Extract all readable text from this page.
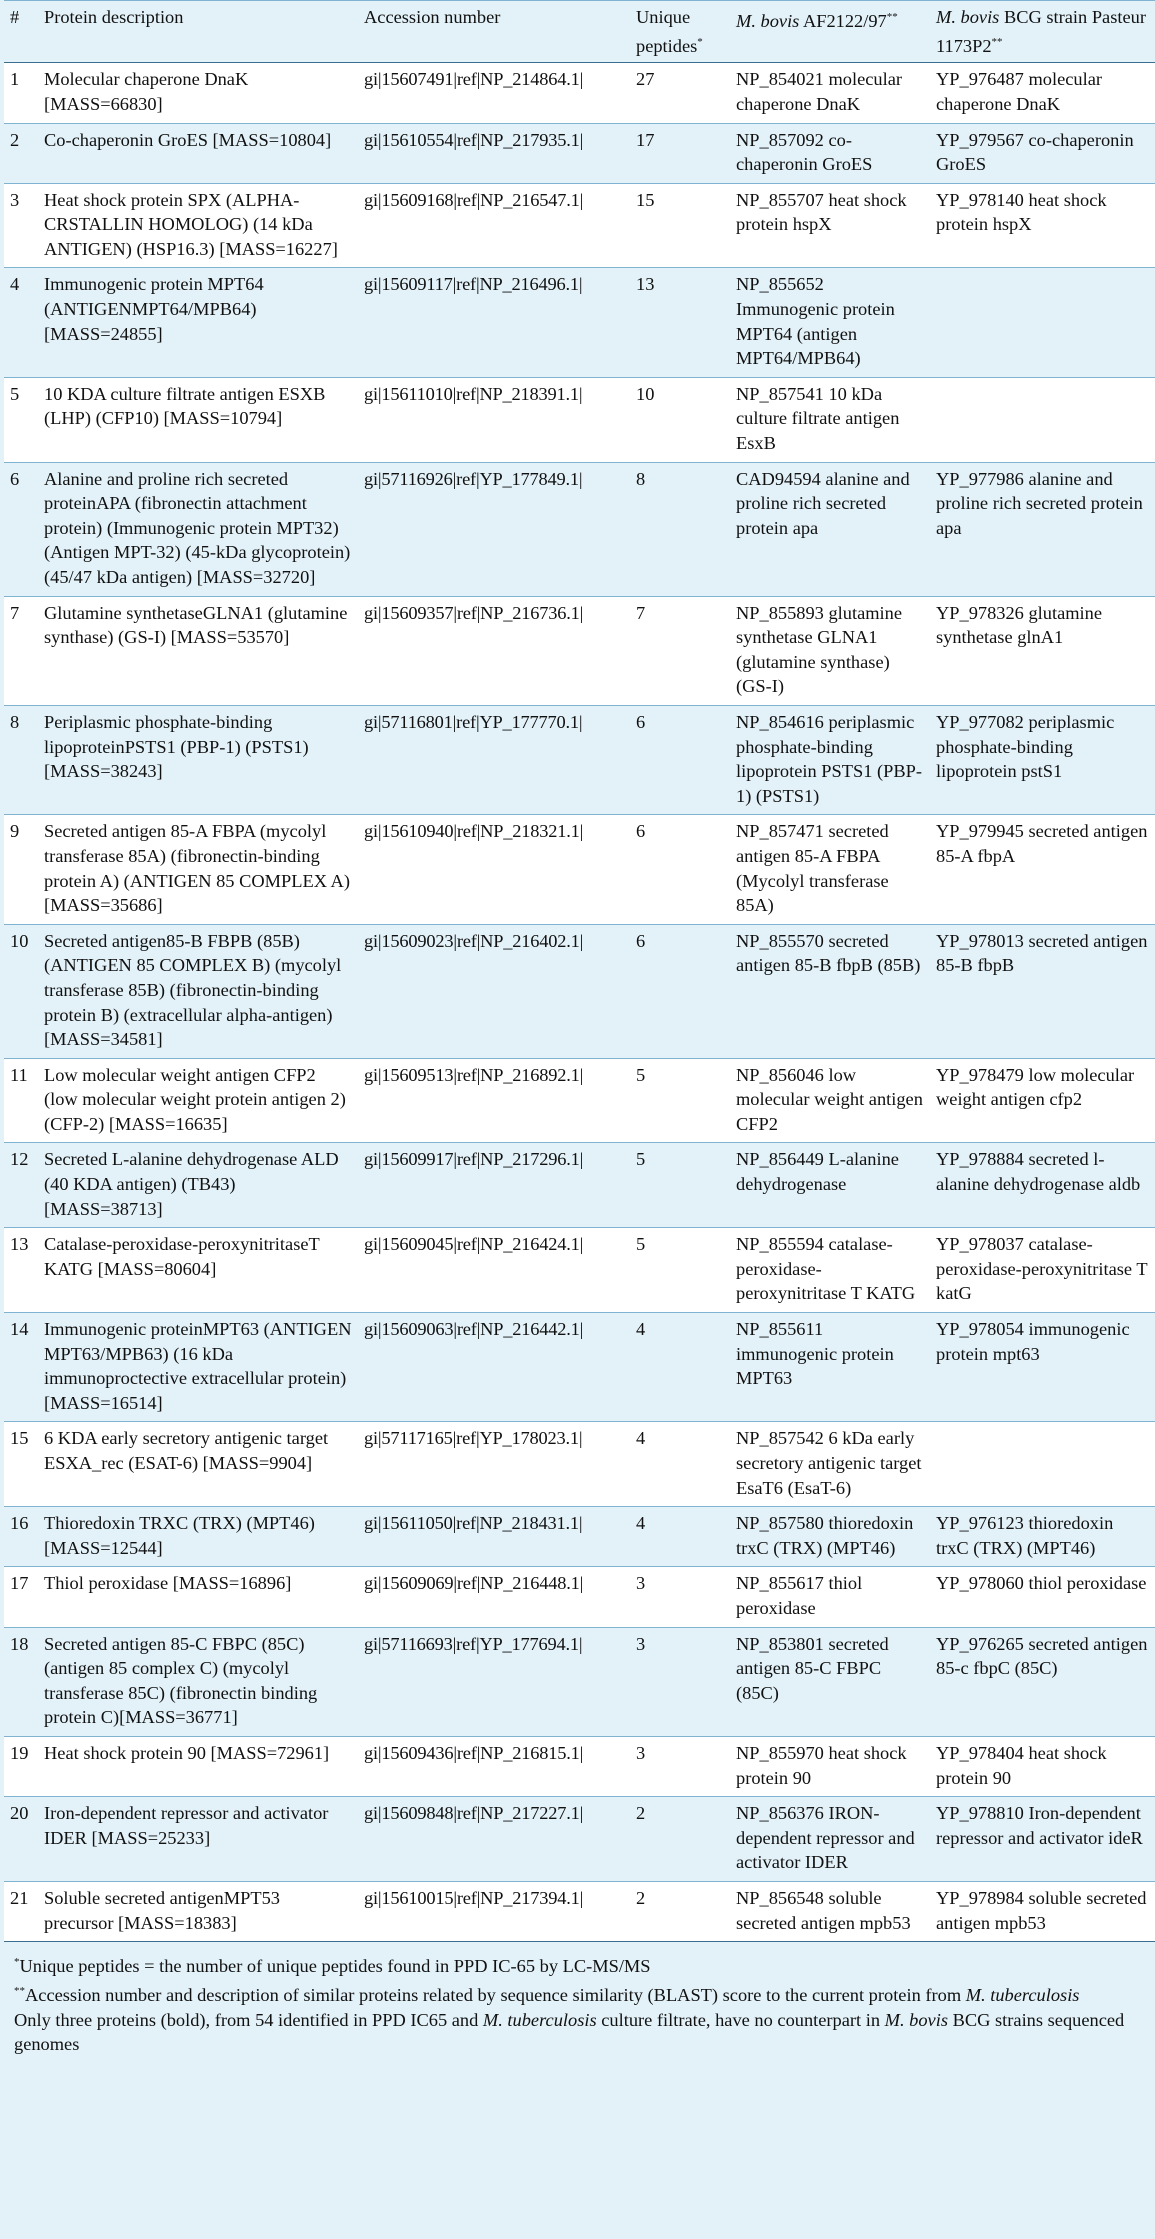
#	Protein description	Accession number	Unique
peptides*	M. bovis AF2122/97**	M. bovis BCG strain Pasteur 1173P2**
1	Molecular chaperone DnaK [MASS=66830]	gi|15607491|ref|NP_214864.1|	27	NP_854021 molecular chaperone DnaK	YP_976487 molecular chaperone DnaK
2	Co-chaperonin GroES [MASS=10804]	gi|15610554|ref|NP_217935.1|	17	NP_857092 co-chaperonin GroES	YP_979567 co-chaperonin GroES
3	Heat shock protein SPX (ALPHA-CRSTALLIN HOMOLOG) (14 kDa ANTIGEN) (HSP16.3) [MASS=16227]	gi|15609168|ref|NP_216547.1|	15	NP_855707 heat shock protein hspX	YP_978140 heat shock protein hspX
4	Immunogenic protein MPT64 (ANTIGENMPT64/MPB64) [MASS=24855]	gi|15609117|ref|NP_216496.1|	13	NP_855652 Immunogenic protein MPT64 (antigen MPT64/MPB64)	
5	10 KDA culture filtrate antigen ESXB (LHP) (CFP10) [MASS=10794]	gi|15611010|ref|NP_218391.1|	10	NP_857541 10 kDa culture filtrate antigen EsxB	
6	Alanine and proline rich secreted proteinAPA (fibronectin attachment protein) (Immunogenic protein MPT32) (Antigen MPT-32) (45-kDa glycoprotein) (45/47 kDa antigen) [MASS=32720]	gi|57116926|ref|YP_177849.1|	8	CAD94594 alanine and proline rich secreted protein apa	YP_977986 alanine and proline rich secreted protein apa
7	Glutamine synthetaseGLNA1 (glutamine synthase) (GS-I) [MASS=53570]	gi|15609357|ref|NP_216736.1|	7	NP_855893 glutamine synthetase GLNA1 (glutamine synthase) (GS-I)	YP_978326 glutamine synthetase glnA1
8	Periplasmic phosphate-binding lipoproteinPSTS1 (PBP-1) (PSTS1) [MASS=38243]	gi|57116801|ref|YP_177770.1|	6	NP_854616 periplasmic phosphate-binding lipoprotein PSTS1 (PBP-1) (PSTS1)	YP_977082 periplasmic phosphate-binding lipoprotein pstS1
9	Secreted antigen 85-A FBPA (mycolyl transferase 85A) (fibronectin-binding protein A) (ANTIGEN 85 COMPLEX A) [MASS=35686]	gi|15610940|ref|NP_218321.1|	6	NP_857471 secreted antigen 85-A FBPA (Mycolyl transferase 85A)	YP_979945 secreted antigen 85-A fbpA
10	Secreted antigen85-B FBPB (85B) (ANTIGEN 85 COMPLEX B) (mycolyl transferase 85B) (fibronectin-binding protein B) (extracellular alpha-antigen) [MASS=34581]	gi|15609023|ref|NP_216402.1|	6	NP_855570 secreted antigen 85-B fbpB (85B)	YP_978013 secreted antigen 85-B fbpB
11	Low molecular weight antigen CFP2 (low molecular weight protein antigen 2) (CFP-2) [MASS=16635]	gi|15609513|ref|NP_216892.1|	5	NP_856046 low molecular weight antigen CFP2	YP_978479 low molecular weight antigen cfp2
12	Secreted L-alanine dehydrogenase ALD (40 KDA antigen) (TB43) [MASS=38713]	gi|15609917|ref|NP_217296.1|	5	NP_856449 L-alanine dehydrogenase	YP_978884 secreted l-alanine dehydrogenase aldb
13	Catalase-peroxidase-peroxynitritaseT KATG [MASS=80604]	gi|15609045|ref|NP_216424.1|	5	NP_855594 catalase-peroxidase-peroxynitritase T KATG	YP_978037 catalase-peroxidase-peroxynitritase T katG
14	Immunogenic proteinMPT63 (ANTIGEN MPT63/MPB63) (16 kDa immunoproctective extracellular protein) [MASS=16514]	gi|15609063|ref|NP_216442.1|	4	NP_855611 immunogenic protein MPT63	YP_978054 immunogenic protein mpt63
15	6 KDA early secretory antigenic target ESXA_rec (ESAT-6) [MASS=9904]	gi|57117165|ref|YP_178023.1|	4	NP_857542 6 kDa early secretory antigenic target EsaT6 (EsaT-6)	
16	Thioredoxin TRXC (TRX) (MPT46) [MASS=12544]	gi|15611050|ref|NP_218431.1|	4	NP_857580 thioredoxin trxC (TRX) (MPT46)	YP_976123 thioredoxin trxC (TRX) (MPT46)
17	Thiol peroxidase [MASS=16896]	gi|15609069|ref|NP_216448.1|	3	NP_855617 thiol peroxidase	YP_978060 thiol peroxidase
18	Secreted antigen 85-C FBPC (85C) (antigen 85 complex C) (mycolyl transferase 85C) (fibronectin binding protein C)[MASS=36771]	gi|57116693|ref|YP_177694.1|	3	NP_853801 secreted antigen 85-C FBPC (85C)	YP_976265 secreted antigen 85-c fbpC (85C)
19	Heat shock protein 90 [MASS=72961]	gi|15609436|ref|NP_216815.1|	3	NP_855970 heat shock protein 90	YP_978404 heat shock protein 90
20	Iron-dependent repressor and activator IDER [MASS=25233]	gi|15609848|ref|NP_217227.1|	2	NP_856376 IRON-dependent repressor and activator IDER	YP_978810 Iron-dependent repressor and activator ideR
21	Soluble secreted antigenMPT53 precursor [MASS=18383]	gi|15610015|ref|NP_217394.1|	2	NP_856548 soluble secreted antigen mpb53	YP_978984 soluble secreted antigen mpb53

*Unique peptides = the number of unique peptides found in PPD IC-65 by LC-MS/MS

**Accession number and description of similar proteins related by sequence similarity (BLAST) score to the current protein from M. tuberculosis

Only three proteins (bold), from 54 identified in PPD IC65 and M. tuberculosis culture filtrate, have no counterpart in M. bovis BCG strains sequenced genomes
